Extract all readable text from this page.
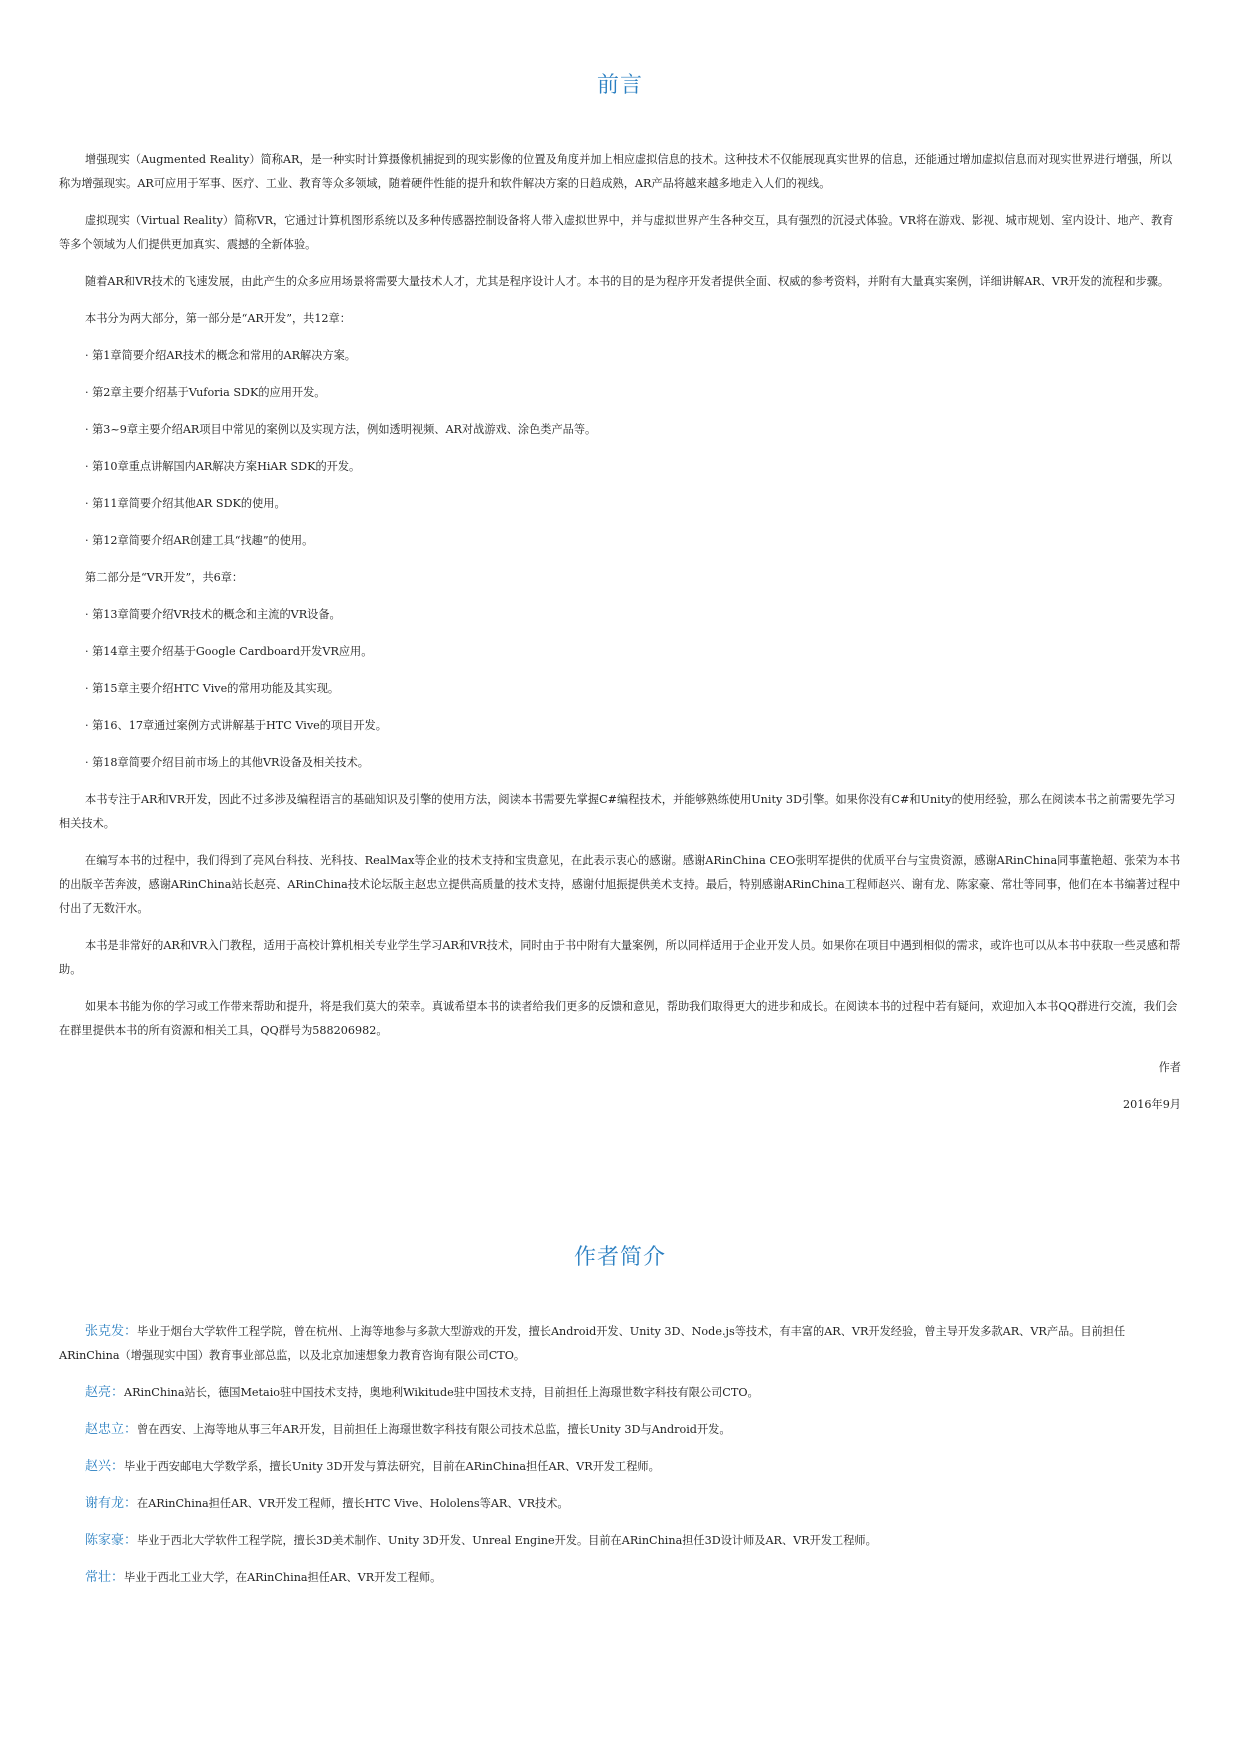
前言

增强现实（Augmented Reality）简称AR，是一种实时计算摄像机捕捉到的现实影像的位置及角度并加上相应虚拟信息的技术。这种技术不仅能展现真实世界的信息，还能通过增加虚拟信息而对现实世界进行增强，所以称为增强现实。AR可应用于军事、医疗、工业、教育等众多领域，随着硬件性能的提升和软件解决方案的日趋成熟，AR产品将越来越多地走入人们的视线。

虚拟现实（Virtual Reality）简称VR，它通过计算机图形系统以及多种传感器控制设备将人带入虚拟世界中，并与虚拟世界产生各种交互，具有强烈的沉浸式体验。VR将在游戏、影视、城市规划、室内设计、地产、教育等多个领域为人们提供更加真实、震撼的全新体验。

随着AR和VR技术的飞速发展，由此产生的众多应用场景将需要大量技术人才，尤其是程序设计人才。本书的目的是为程序开发者提供全面、权威的参考资料，并附有大量真实案例，详细讲解AR、VR开发的流程和步骤。

本书分为两大部分，第一部分是“AR开发”，共12章：

· 第1章简要介绍AR技术的概念和常用的AR解决方案。

· 第2章主要介绍基于Vuforia SDK的应用开发。

· 第3~9章主要介绍AR项目中常见的案例以及实现方法，例如透明视频、AR对战游戏、涂色类产品等。

· 第10章重点讲解国内AR解决方案HiAR SDK的开发。

· 第11章简要介绍其他AR SDK的使用。

· 第12章简要介绍AR创建工具“找趣”的使用。

第二部分是“VR开发”，共6章：

· 第13章简要介绍VR技术的概念和主流的VR设备。

· 第14章主要介绍基于Google Cardboard开发VR应用。

· 第15章主要介绍HTC Vive的常用功能及其实现。

· 第16、17章通过案例方式讲解基于HTC Vive的项目开发。

· 第18章简要介绍目前市场上的其他VR设备及相关技术。

本书专注于AR和VR开发，因此不过多涉及编程语言的基础知识及引擎的使用方法，阅读本书需要先掌握C#编程技术，并能够熟练使用Unity 3D引擎。如果你没有C#和Unity的使用经验，那么在阅读本书之前需要先学习相关技术。

在编写本书的过程中，我们得到了亮风台科技、光科技、RealMax等企业的技术支持和宝贵意见，在此表示衷心的感谢。感谢ARinChina CEO张明军提供的优质平台与宝贵资源，感谢ARinChina同事董艳超、张荣为本书的出版辛苦奔波，感谢ARinChina站长赵亮、ARinChina技术论坛版主赵忠立提供高质量的技术支持，感谢付旭振提供美术支持。最后，特别感谢ARinChina工程师赵兴、谢有龙、陈家豪、常壮等同事，他们在本书编著过程中付出了无数汗水。

本书是非常好的AR和VR入门教程，适用于高校计算机相关专业学生学习AR和VR技术，同时由于书中附有大量案例，所以同样适用于企业开发人员。如果你在项目中遇到相似的需求，或许也可以从本书中获取一些灵感和帮助。

如果本书能为你的学习或工作带来帮助和提升，将是我们莫大的荣幸。真诚希望本书的读者给我们更多的反馈和意见，帮助我们取得更大的进步和成长。在阅读本书的过程中若有疑问，欢迎加入本书QQ群进行交流，我们会在群里提供本书的所有资源和相关工具，QQ群号为588206982。

作者

2016年9月

作者简介

张克发：毕业于烟台大学软件工程学院，曾在杭州、上海等地参与多款大型游戏的开发，擅长Android开发、Unity 3D、Node.js等技术，有丰富的AR、VR开发经验，曾主导开发多款AR、VR产品。目前担任ARinChina（增强现实中国）教育事业部总监，以及北京加速想象力教育咨询有限公司CTO。

赵亮：ARinChina站长，德国Metaio驻中国技术支持，奥地利Wikitude驻中国技术支持，目前担任上海璟世数字科技有限公司CTO。

赵忠立：曾在西安、上海等地从事三年AR开发，目前担任上海璟世数字科技有限公司技术总监，擅长Unity 3D与Android开发。

赵兴：毕业于西安邮电大学数学系，擅长Unity 3D开发与算法研究，目前在ARinChina担任AR、VR开发工程师。

谢有龙：在ARinChina担任AR、VR开发工程师，擅长HTC Vive、Hololens等AR、VR技术。

陈家豪：毕业于西北大学软件工程学院，擅长3D美术制作、Unity 3D开发、Unreal Engine开发。目前在ARinChina担任3D设计师及AR、VR开发工程师。

常壮：毕业于西北工业大学，在ARinChina担任AR、VR开发工程师。
